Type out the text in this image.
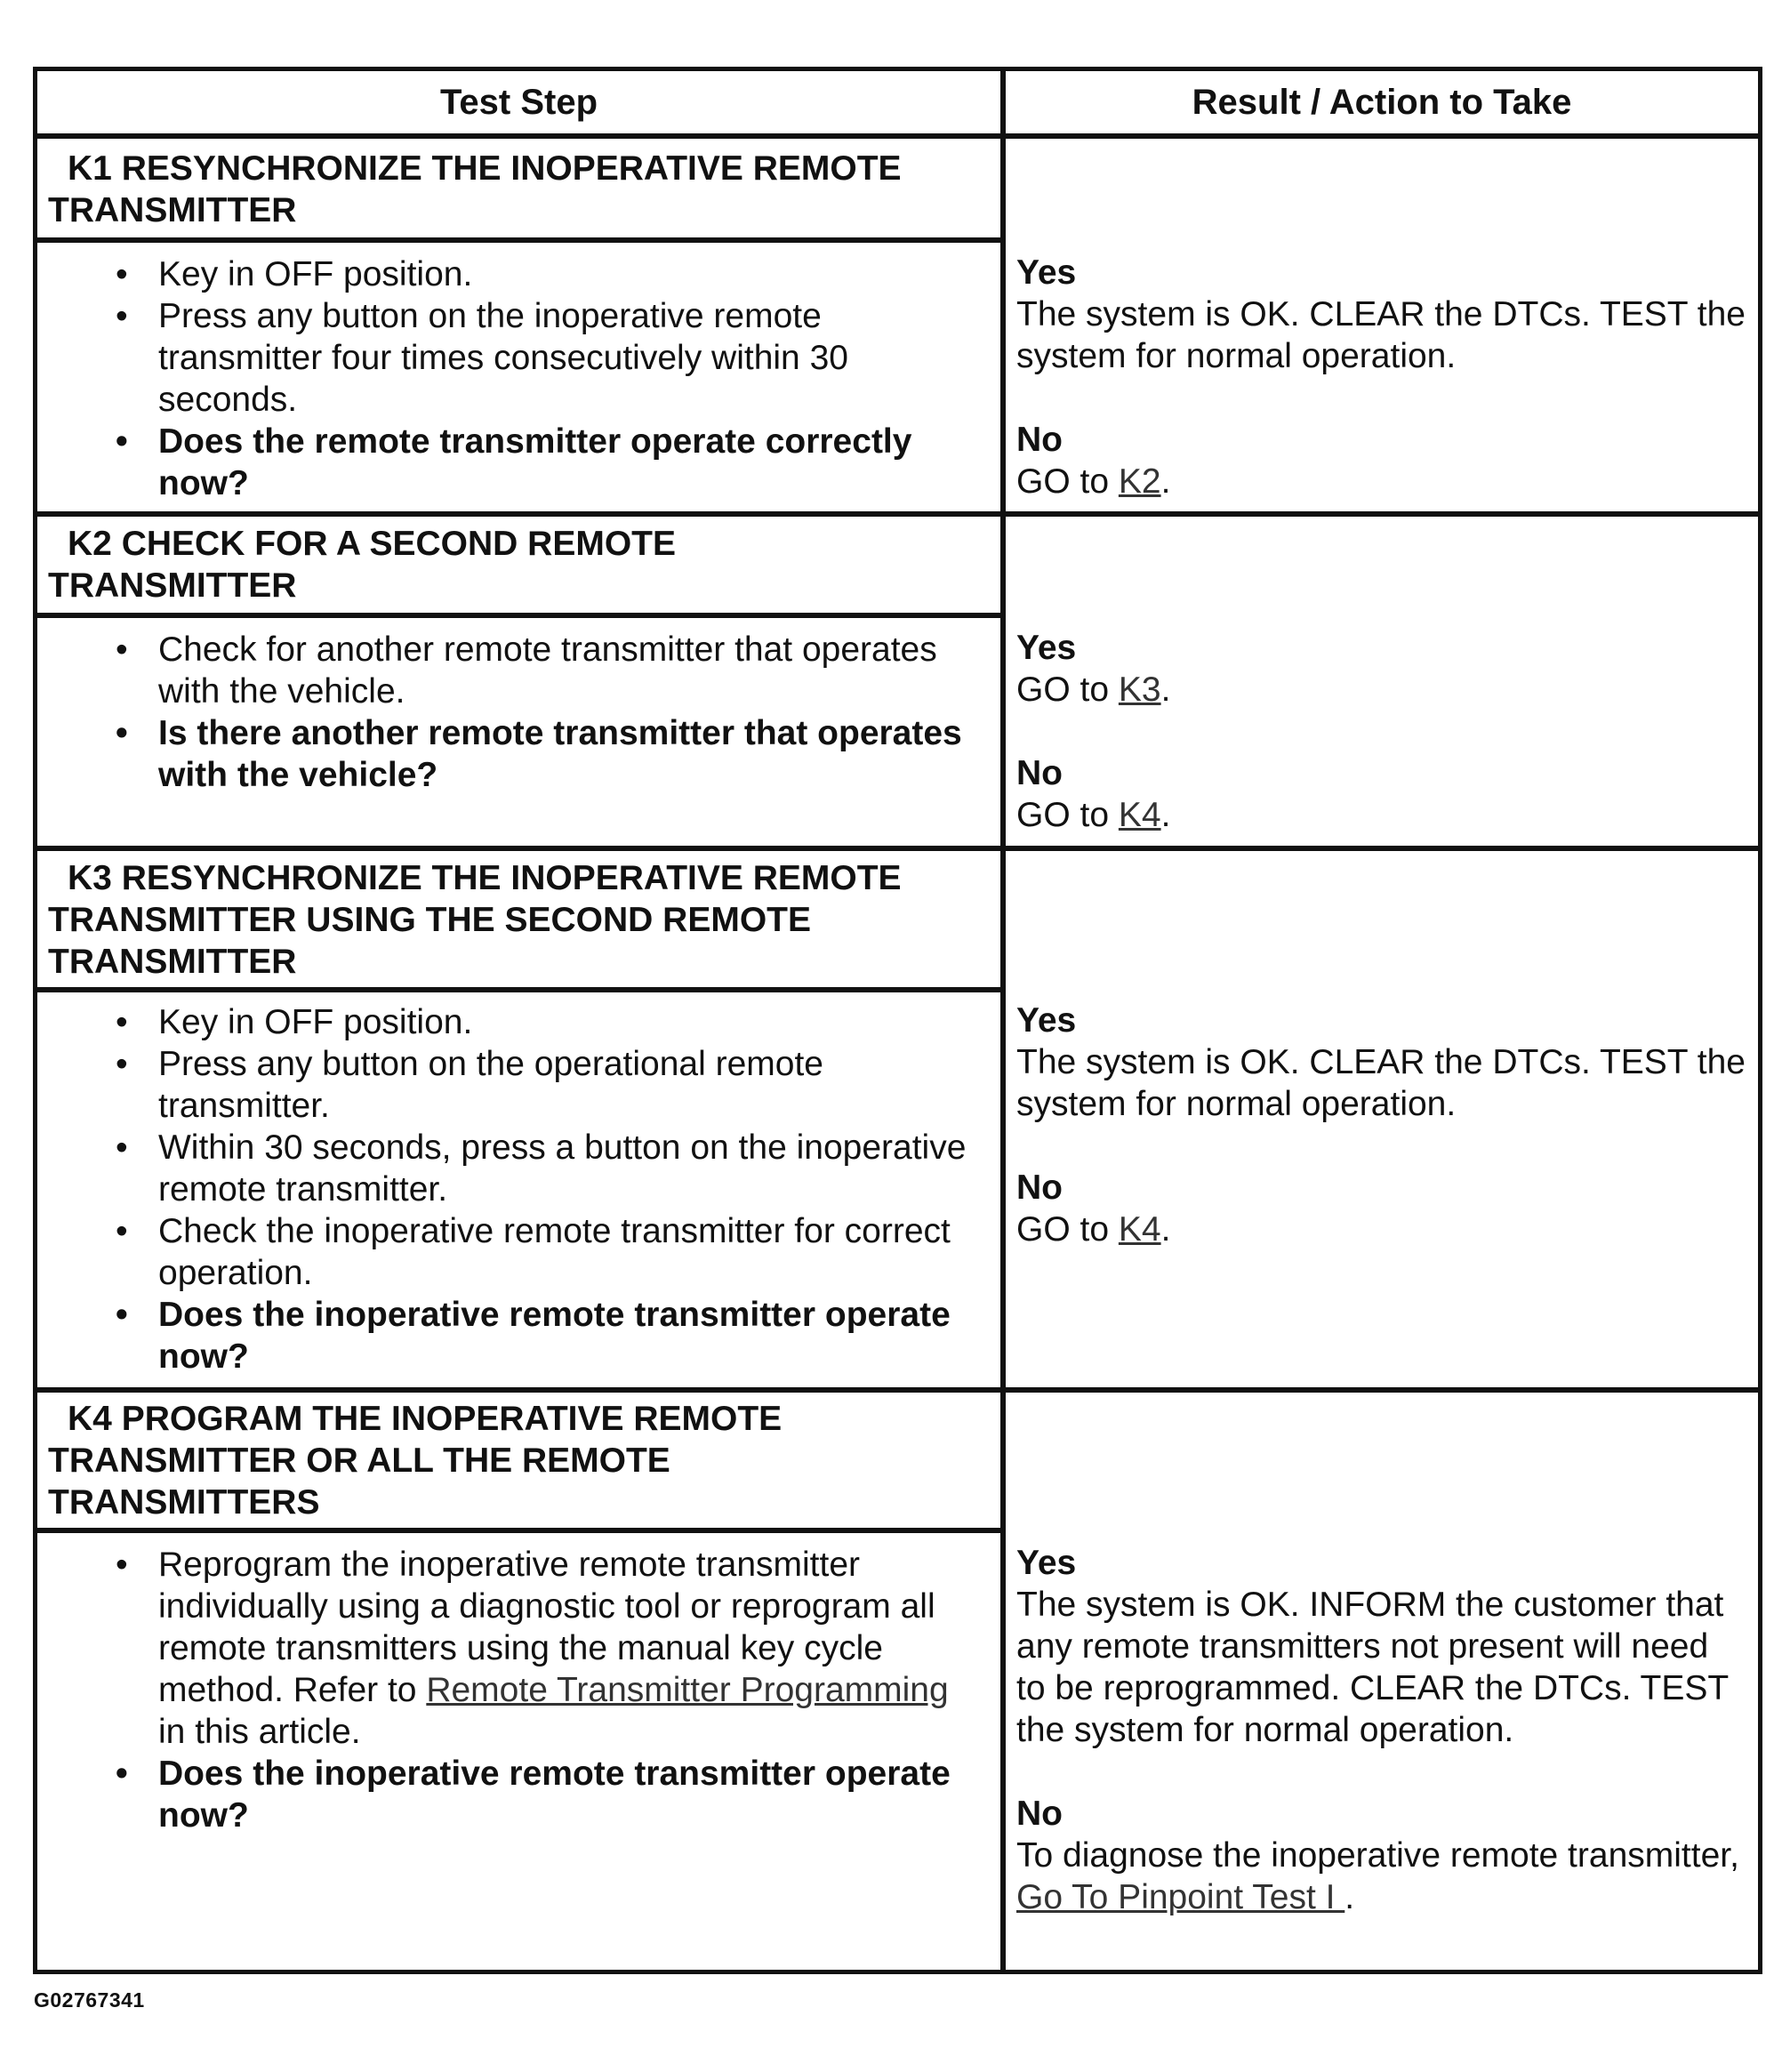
Test Step	Result / Action to Take
K1 RESYNCHRONIZE THE INOPERATIVE REMOTE
TRANSMITTER
• Key in OFF position.
• Press any button on the inoperative remote transmitter four times consecutively within 30 seconds.
• Does the remote transmitter operate correctly now?
Yes
The system is OK. CLEAR the DTCs. TEST the system for normal operation.
No
GO to K2.
K2 CHECK FOR A SECOND REMOTE
TRANSMITTER
• Check for another remote transmitter that operates with the vehicle.
• Is there another remote transmitter that operates with the vehicle?
Yes
GO to K3.
No
GO to K4.
K3 RESYNCHRONIZE THE INOPERATIVE REMOTE
TRANSMITTER USING THE SECOND REMOTE
TRANSMITTER
• Key in OFF position.
• Press any button on the operational remote transmitter.
• Within 30 seconds, press a button on the inoperative remote transmitter.
• Check the inoperative remote transmitter for correct operation.
• Does the inoperative remote transmitter operate now?
Yes
The system is OK. CLEAR the DTCs. TEST the system for normal operation.
No
GO to K4.
K4 PROGRAM THE INOPERATIVE REMOTE
TRANSMITTER OR ALL THE REMOTE
TRANSMITTERS
• Reprogram the inoperative remote transmitter individually using a diagnostic tool or reprogram all remote transmitters using the manual key cycle method. Refer to Remote Transmitter Programming in this article.
• Does the inoperative remote transmitter operate now?
Yes
The system is OK. INFORM the customer that any remote transmitters not present will need to be reprogrammed. CLEAR the DTCs. TEST the system for normal operation.
No
To diagnose the inoperative remote transmitter, Go To Pinpoint Test I .
G02767341
